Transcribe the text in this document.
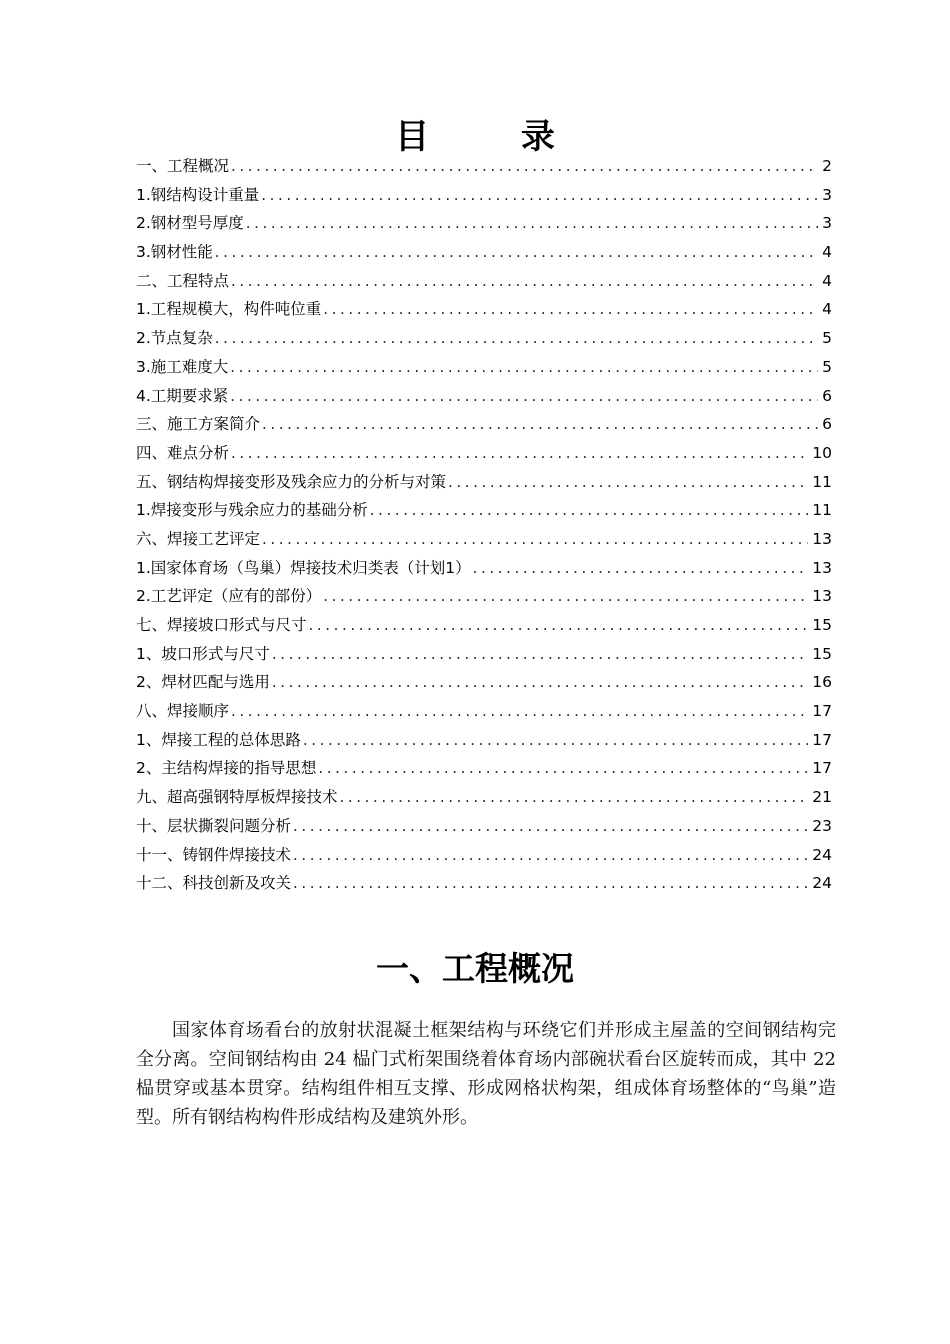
目 录
一、工程概况 .....	2
1.钢结构设计重量 .....	3
2.钢材型号厚度 .....	3
3.钢材性能 .....	4
二、工程特点 .....	4
1.工程规模大，构件吨位重 .....	4
2.节点复杂 .....	5
3.施工难度大 .....	5
4.工期要求紧 .....	6
三、施工方案简介 .....	6
四、难点分析 .....	10
五、钢结构焊接变形及残余应力的分析与对策 .....	11
1.焊接变形与残余应力的基础分析 .....	11
六、焊接工艺评定 .....	13
1.国家体育场（鸟巢）焊接技术归类表（计划1） .....	13
2.工艺评定（应有的部份） .....	13
七、焊接坡口形式与尺寸 .....	15
1、坡口形式与尺寸 .....	15
2、焊材匹配与选用 .....	16
八、焊接顺序 .....	17
1、焊接工程的总体思路 .....	17
2、主结构焊接的指导思想 .....	17
九、超高强钢特厚板焊接技术 .....	21
十、层状撕裂问题分析 .....	23
十一、铸钢件焊接技术 .....	24
十二、科技创新及攻关 .....	24
一、工程概况

国家体育场看台的放射状混凝土框架结构与环绕它们并形成主屋盖的空间钢结构完全分离。空间钢结构由 24 榀门式桁架围绕着体育场内部碗状看台区旋转而成，其中 22 榀贯穿或基本贯穿。结构组件相互支撑、形成网格状构架，组成体育场整体的“鸟巢”造型。所有钢结构构件形成结构及建筑外形。
